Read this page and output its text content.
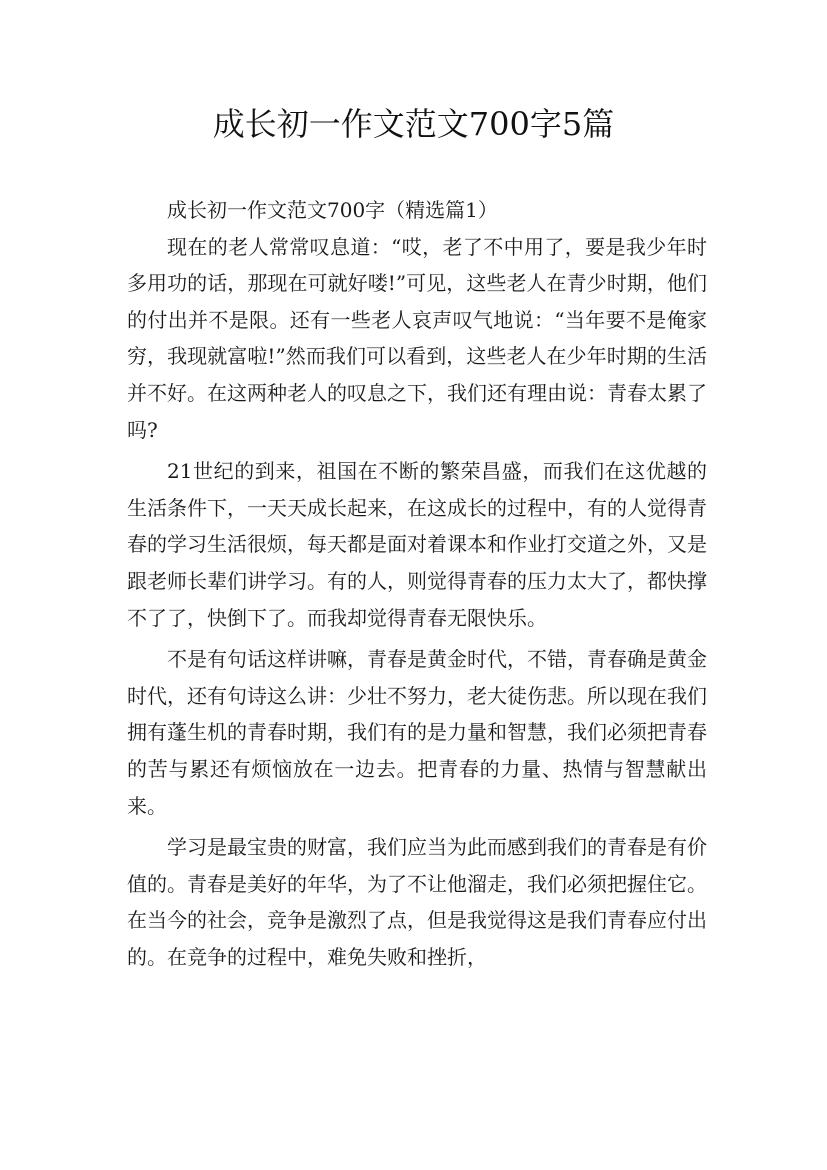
成长初一作文范文700字5篇

成长初一作文范文700字（精选篇1）

现在的老人常常叹息道：“哎，老了不中用了，要是我少年时多用功的话，那现在可就好喽!”可见，这些老人在青少时期，他们的付出并不是限。还有一些老人哀声叹气地说：“当年要不是俺家穷，我现就富啦!”然而我们可以看到，这些老人在少年时期的生活并不好。在这两种老人的叹息之下，我们还有理由说：青春太累了吗?

21世纪的到来，祖国在不断的繁荣昌盛，而我们在这优越的生活条件下，一天天成长起来，在这成长的过程中，有的人觉得青春的学习生活很烦，每天都是面对着课本和作业打交道之外，又是跟老师长辈们讲学习。有的人，则觉得青春的压力太大了，都快撑不了了，快倒下了。而我却觉得青春无限快乐。

不是有句话这样讲嘛，青春是黄金时代，不错，青春确是黄金时代，还有句诗这么讲：少壮不努力，老大徒伤悲。所以现在我们拥有蓬生机的青春时期，我们有的是力量和智慧，我们必须把青春的苦与累还有烦恼放在一边去。把青春的力量、热情与智慧献出来。

学习是最宝贵的财富，我们应当为此而感到我们的青春是有价值的。青春是美好的年华，为了不让他溜走，我们必须把握住它。在当今的社会，竞争是激烈了点，但是我觉得这是我们青春应付出的。在竞争的过程中，难免失败和挫折，
